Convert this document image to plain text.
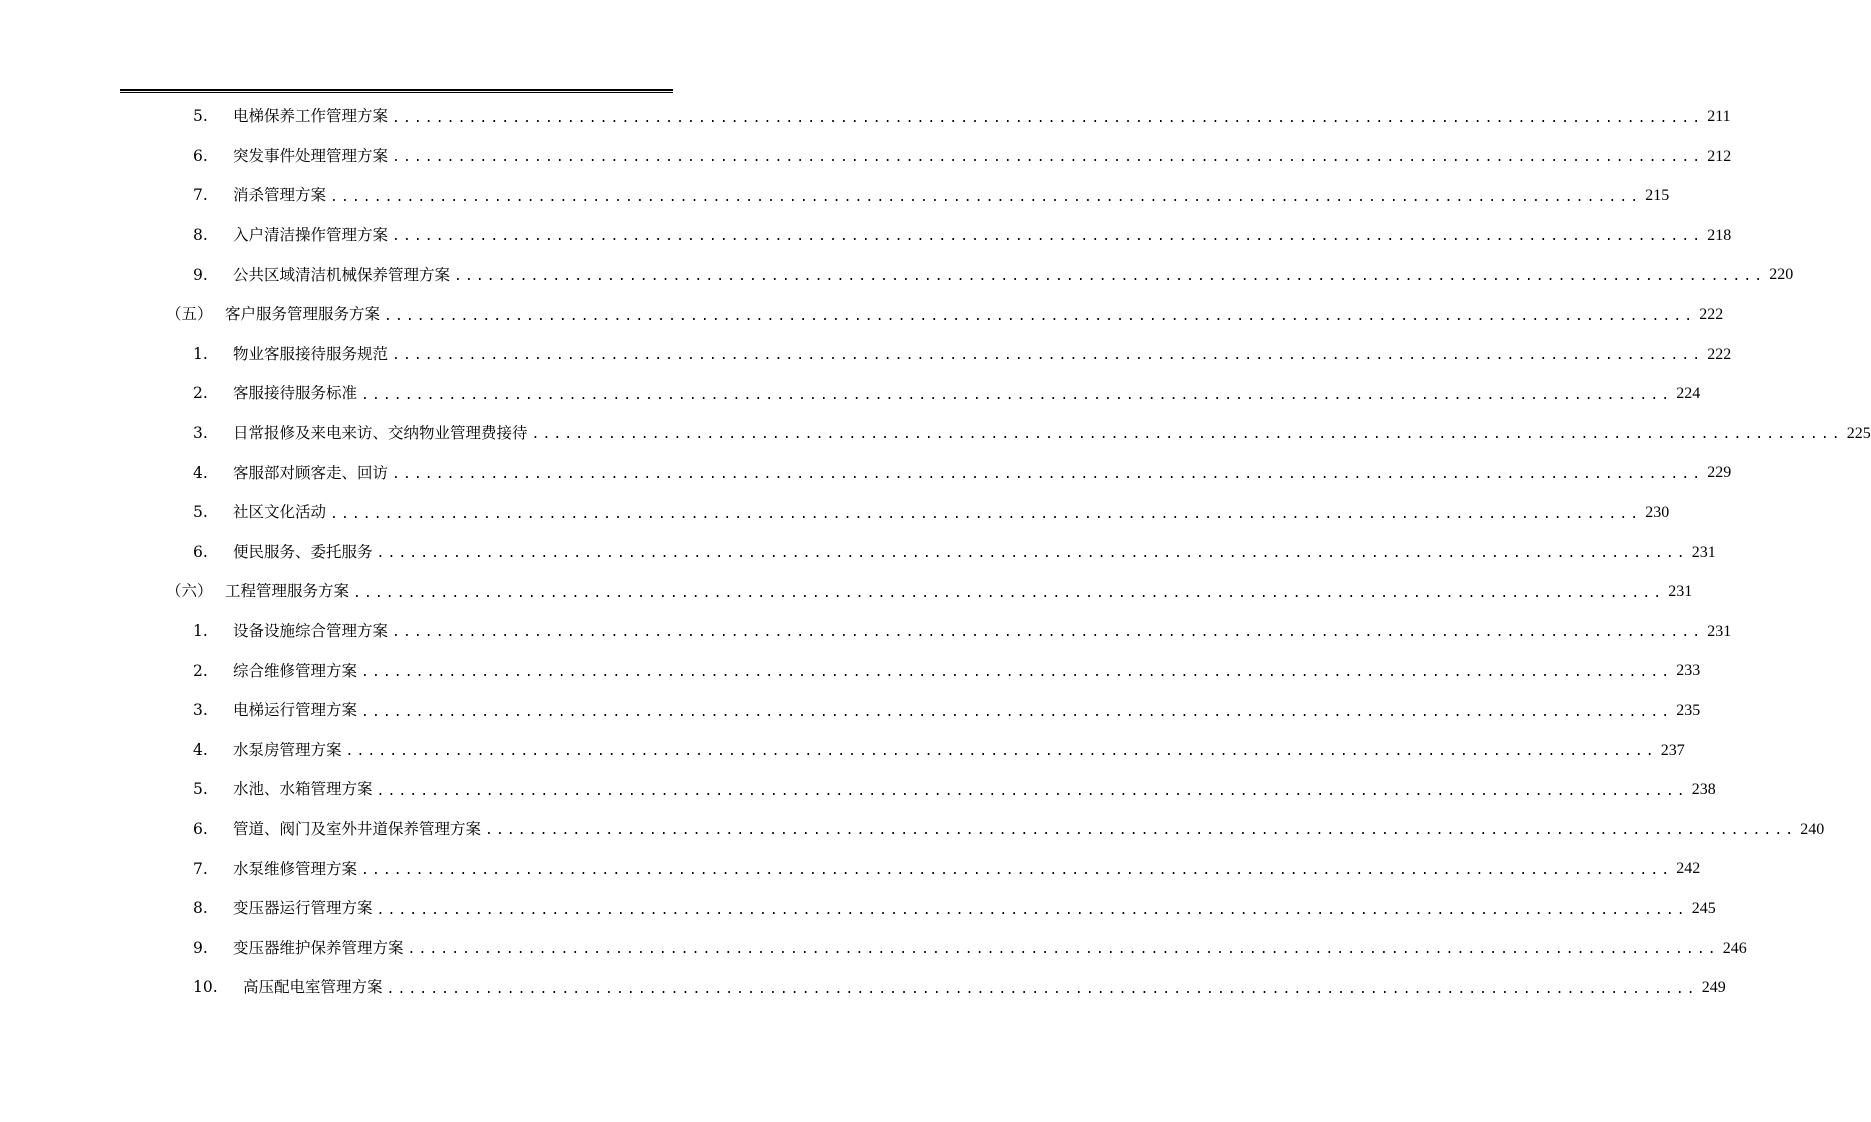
5.	电梯保养工作管理方案 ........................................................................................................................ 211
6.	突发事件处理管理方案 ........................................................................................................................ 212
7.	消杀管理方案 ........................................................................................................................ 215
8.	入户清洁操作管理方案 ........................................................................................................................ 218
9.	公共区域清洁机械保养管理方案 ........................................................................................................................ 220
（五） 客户服务管理服务方案 ........................................................................................................................ 222
1.	物业客服接待服务规范 ........................................................................................................................ 222
2.	客服接待服务标准 ........................................................................................................................ 224
3.	日常报修及来电来访、交纳物业管理费接待 ........................................................................................................................ 225
4.	客服部对顾客走、回访 ........................................................................................................................ 229
5.	社区文化活动 ........................................................................................................................ 230
6.	便民服务、委托服务 ........................................................................................................................ 231
（六） 工程管理服务方案 ........................................................................................................................ 231
1.	设备设施综合管理方案 ........................................................................................................................ 231
2.	综合维修管理方案 ........................................................................................................................ 233
3.	电梯运行管理方案 ........................................................................................................................ 235
4.	水泵房管理方案 ........................................................................................................................ 237
5.	水池、水箱管理方案 ........................................................................................................................ 238
6.	管道、阀门及室外井道保养管理方案 ........................................................................................................................ 240
7.	水泵维修管理方案 ........................................................................................................................ 242
8.	变压器运行管理方案 ........................................................................................................................ 245
9.	变压器维护保养管理方案 ........................................................................................................................ 246
10.	高压配电室管理方案 ........................................................................................................................ 249
